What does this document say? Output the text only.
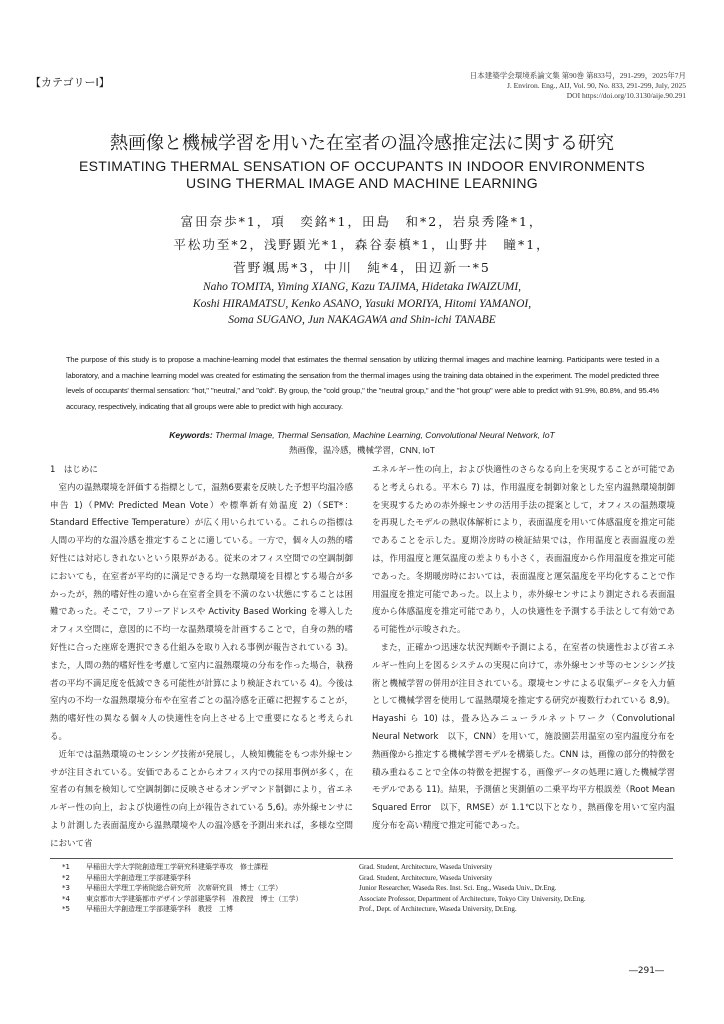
【カテゴリーⅠ】
日本建築学会環境系論文集 第90巻 第833号，291-299，2025年7月
J. Environ. Eng., AIJ, Vol. 90, No. 833, 291-299, July, 2025
DOI https://doi.org/10.3130/aije.90.291
熱画像と機械学習を用いた在室者の温冷感推定法に関する研究
ESTIMATING THERMAL SENSATION OF OCCUPANTS IN INDOOR ENVIRONMENTS USING THERMAL IMAGE AND MACHINE LEARNING
富田奈歩*1，項　奕銘*1，田島　和*2，岩泉秀隆*1，
平松功至*2，浅野顕光*1，森谷泰槙*1，山野井　瞳*1，
菅野颯馬*3，中川　純*4，田辺新一*5
Naho TOMITA, Yiming XIANG, Kazu TAJIMA, Hidetaka IWAIZUMI,
Koshi HIRAMATSU, Kenko ASANO, Yasuki MORIYA, Hitomi YAMANOI,
Soma SUGANO, Jun NAKAGAWA and Shin-ichi TANABE
The purpose of this study is to propose a machine-learning model that estimates the thermal sensation by utilizing thermal images and machine learning. Participants were tested in a laboratory, and a machine learning model was created for estimating the sensation from the thermal images using the training data obtained in the experiment. The model predicted three levels of occupants' thermal sensation: "hot," "neutral," and "cold". By group, the "cold group," the "neutral group," and the "hot group" were able to predict with 91.9%, 80.8%, and 95.4% accuracy, respectively, indicating that all groups were able to predict with high accuracy.
Keywords: Thermal Image, Thermal Sensation, Machine Learning, Convolutional Neural Network, IoT
熱画像，温冷感，機械学習，CNN, IoT

1　はじめに

室内の温熱環境を評価する指標として，温熱6要素を反映した予想平均温冷感申告 1)（PMV: Predicted Mean Vote）や標準新有効温度 2)（SET*：Standard Effective Temperature）が広く用いられている。これらの指標は人間の平均的な温冷感を推定することに適している。一方で，個々人の熱的嗜好性には対応しきれないという限界がある。従来のオフィス空間での空調制御においても，在室者が平均的に満足できる均一な熱環境を目標とする場合が多かったが，熱的嗜好性の違いから在室者全員を不満のない状態にすることは困難であった。そこで，フリーアドレスや Activity Based Working を導入したオフィス空間に，意図的に不均一な温熱環境を計画することで，自身の熱的嗜好性に合った座席を選択できる仕組みを取り入れる事例が報告されている 3)。また，人間の熱的嗜好性を考慮して室内に温熱環境の分布を作った場合，執務者の平均不満足度を低減できる可能性が計算により検証されている 4)。今後は室内の不均一な温熱環境分布や在室者ごとの温冷感を正確に把握することが，熱的嗜好性の異なる個々人の快適性を向上させる上で重要になると考えられる。

近年では温熱環境のセンシング技術が発展し，人検知機能をもつ赤外線センサが注目されている。安価であることからオフィス内での採用事例が多く，在室者の有無を検知して空調制御に反映させるオンデマンド制御により，省エネルギー性の向上，および快適性の向上が報告されている 5,6)。赤外線センサにより計測した表面温度から温熱環境や人の温冷感を予測出来れば，多様な空間において省

エネルギー性の向上，および快適性のさらなる向上を実現することが可能であると考えられる。平木ら 7) は，作用温度を制御対象とした室内温熱環境制御を実現するための赤外線センサの活用手法の提案として，オフィスの温熱環境を再現したモデルの熱収体解析により，表面温度を用いて体感温度を推定可能であることを示した。夏期冷房時の検証結果では，作用温度と表面温度の差は，作用温度と運気温度の差よりも小さく，表面温度から作用温度を推定可能であった。冬期暖房時においては，表面温度と運気温度を平均化することで作用温度を推定可能であった。以上より，赤外線センサにより測定される表面温度から体感温度を推定可能であり，人の快適性を予測する手法として有効である可能性が示唆された。

また，正確かつ迅速な状況判断や予測による，在室者の快適性および省エネルギー性向上を図るシステムの実現に向けて，赤外線センサ等のセンシング技術と機械学習の併用が注目されている。環境センサによる収集データを入力値として機械学習を使用して温熱環境を推定する研究が複数行われている 8,9)。Hayashi ら 10) は，畳み込みニューラルネットワーク（Convolutional Neural Network　以下，CNN）を用いて，施設園芸用温室の室内温度分布を熱画像から推定する機械学習モデルを構築した。CNN は，画像の部分的特徴を積み重ねることで全体の特徴を把握する，画像データの処理に適した機械学習モデルである 11)。結果，予測値と実測値の二乗平均平方根誤差（Root Mean Squared Error　以下，RMSE）が 1.1℃以下となり，熱画像を用いて室内温度分布を高い精度で推定可能であった。

*1 早稲田大学大学院創造理工学研究科建築学専攻　修士課程
*2 早稲田大学創造理工学部建築学科
*3 早稲田大学理工学術院総合研究所　次席研究員　博士（工学）
*4 東京都市大学建築都市デザイン学部建築学科　准教授　博士（工学）
*5 早稲田大学創造理工学部建築学科　教授　工博
Grad. Student, Architecture, Waseda University
Grad. Student, Architecture, Waseda University
Junior Researcher, Waseda Res. Inst. Sci. Eng., Waseda Univ., Dr.Eng.
Associate Professor, Department of Architecture, Tokyo City University, Dr.Eng.
Prof., Dept. of Architecture, Waseda University, Dr.Eng.
―291―
